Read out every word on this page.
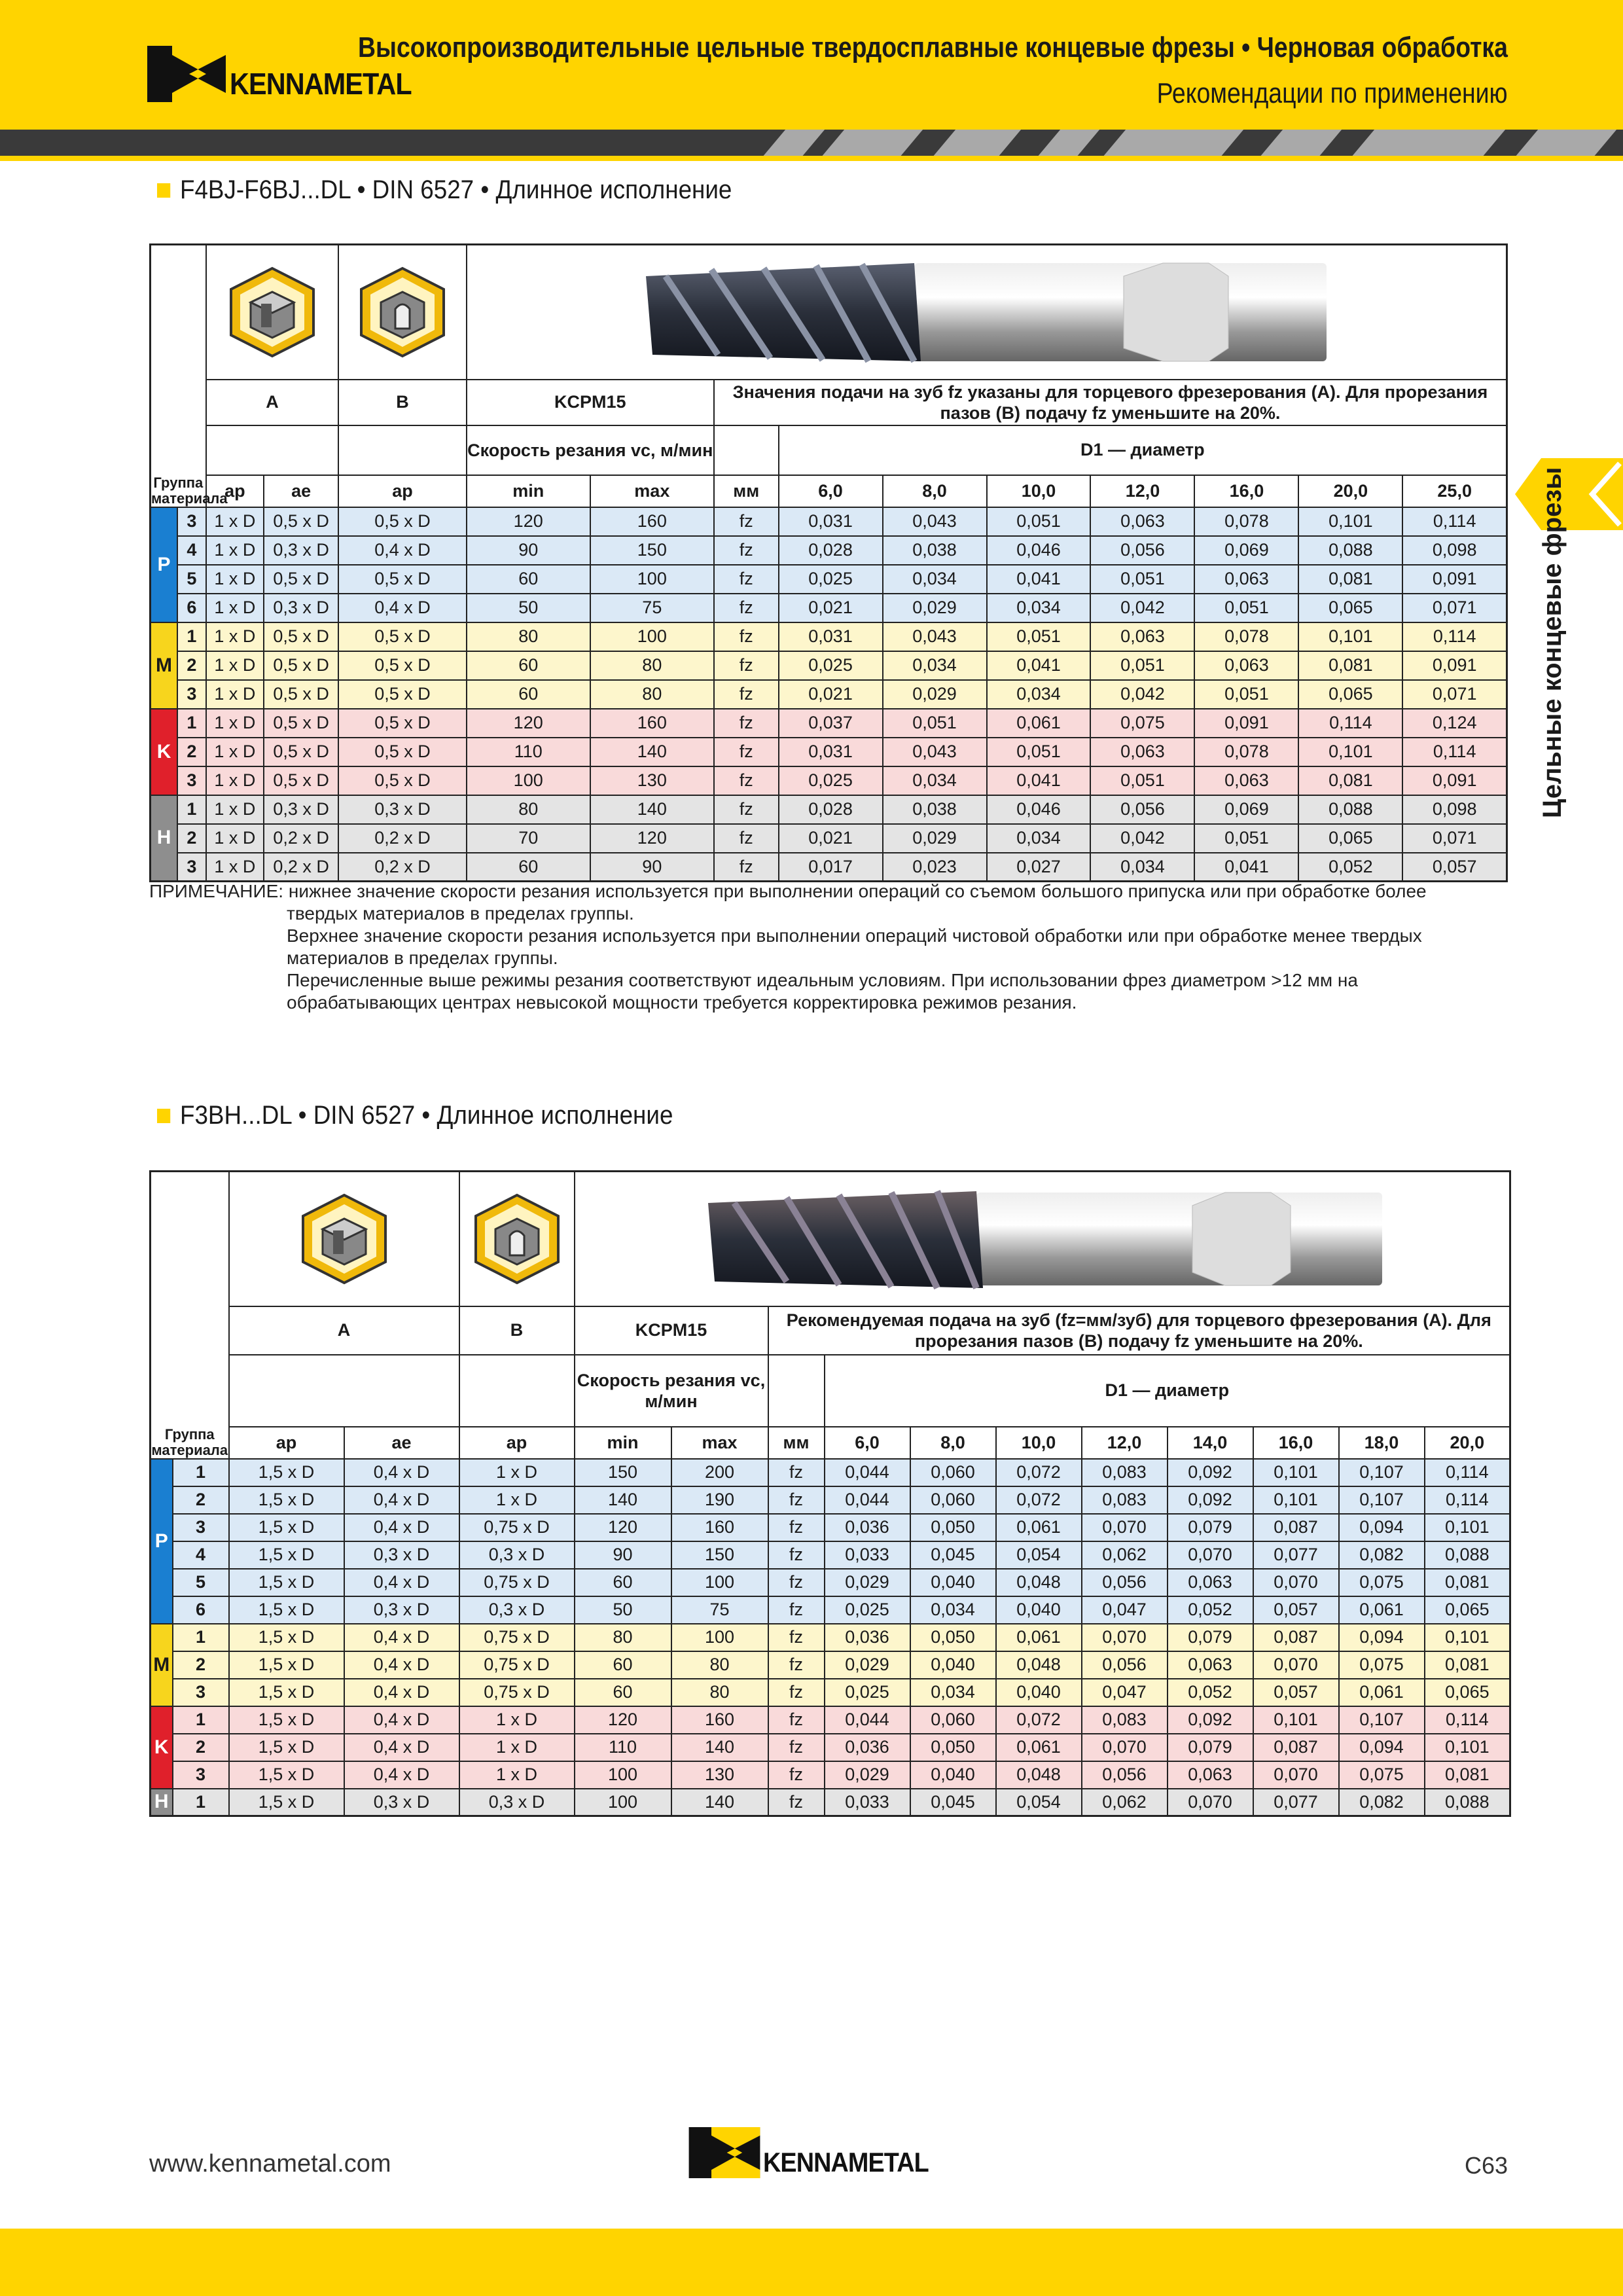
KENNAMETAL
Высокопроизводительные цельные твердосплавные концевые фрезы • Черновая обработка
Рекомендации по применению
Цельные концевые фрезы
F4BJ-F6BJ...DL • DIN 6527 • Длинное исполнение

		A		B	KCPM15		Значения подачи на зуб fz указаны для торцевого фрезерования (А). Для прорезания пазов (В) подачу fz уменьшите на 20%.							
					Скорость резания vc, м/мин			D1 — диаметр						
Группа материала		ap	ae	ap	min	max	мм	6,0	8,0	10,0	12,0	16,0	20,0	25,0
P	3	1 x D	0,5 x D	0,5 x D	120	160	fz	0,031	0,043	0,051	0,063	0,078	0,101	0,114
	4	1 x D	0,3 x D	0,4 x D	90	150	fz	0,028	0,038	0,046	0,056	0,069	0,088	0,098
	5	1 x D	0,5 x D	0,5 x D	60	100	fz	0,025	0,034	0,041	0,051	0,063	0,081	0,091
	6	1 x D	0,3 x D	0,4 x D	50	75	fz	0,021	0,029	0,034	0,042	0,051	0,065	0,071
M	1	1 x D	0,5 x D	0,5 x D	80	100	fz	0,031	0,043	0,051	0,063	0,078	0,101	0,114
	2	1 x D	0,5 x D	0,5 x D	60	80	fz	0,025	0,034	0,041	0,051	0,063	0,081	0,091
	3	1 x D	0,5 x D	0,5 x D	60	80	fz	0,021	0,029	0,034	0,042	0,051	0,065	0,071
K	1	1 x D	0,5 x D	0,5 x D	120	160	fz	0,037	0,051	0,061	0,075	0,091	0,114	0,124
	2	1 x D	0,5 x D	0,5 x D	110	140	fz	0,031	0,043	0,051	0,063	0,078	0,101	0,114
	3	1 x D	0,5 x D	0,5 x D	100	130	fz	0,025	0,034	0,041	0,051	0,063	0,081	0,091
H	1	1 x D	0,3 x D	0,3 x D	80	140	fz	0,028	0,038	0,046	0,056	0,069	0,088	0,098
	2	1 x D	0,2 x D	0,2 x D	70	120	fz	0,021	0,029	0,034	0,042	0,051	0,065	0,071
	3	1 x D	0,2 x D	0,2 x D	60	90	fz	0,017	0,023	0,027	0,034	0,041	0,052	0,057
ПРИМЕЧАНИЕ: нижнее значение скорости резания используется при выполнении операций со съемом большого припуска или при обработке более
твердых материалов в пределах группы.
Верхнее значение скорости резания используется при выполнении операций чистовой обработки или при обработке менее твердых
материалов в пределах группы.
Перечисленные выше режимы резания соответствуют идеальным условиям. При использовании фрез диаметром >12 мм на
обрабатывающих центрах невысокой мощности требуется корректировка режимов резания.
F3BH...DL • DIN 6527 • Длинное исполнение

		A		B	KCPM15		Рекомендуемая подача на зуб (fz=мм/зуб) для торцевого фрезерования (А). Для прорезания пазов (В) подачу fz уменьшите на 20%.								
					Скорость резания vc, м/мин			D1 — диаметр							
Группа материала		ap	ae	ap	min	max	мм	6,0	8,0	10,0	12,0	14,0	16,0	18,0	20,0
P	1	1,5 x D	0,4 x D	1 x D	150	200	fz	0,044	0,060	0,072	0,083	0,092	0,101	0,107	0,114
	2	1,5 x D	0,4 x D	1 x D	140	190	fz	0,044	0,060	0,072	0,083	0,092	0,101	0,107	0,114
	3	1,5 x D	0,4 x D	0,75 x D	120	160	fz	0,036	0,050	0,061	0,070	0,079	0,087	0,094	0,101
	4	1,5 x D	0,3 x D	0,3 x D	90	150	fz	0,033	0,045	0,054	0,062	0,070	0,077	0,082	0,088
	5	1,5 x D	0,4 x D	0,75 x D	60	100	fz	0,029	0,040	0,048	0,056	0,063	0,070	0,075	0,081
	6	1,5 x D	0,3 x D	0,3 x D	50	75	fz	0,025	0,034	0,040	0,047	0,052	0,057	0,061	0,065
M	1	1,5 x D	0,4 x D	0,75 x D	80	100	fz	0,036	0,050	0,061	0,070	0,079	0,087	0,094	0,101
	2	1,5 x D	0,4 x D	0,75 x D	60	80	fz	0,029	0,040	0,048	0,056	0,063	0,070	0,075	0,081
	3	1,5 x D	0,4 x D	0,75 x D	60	80	fz	0,025	0,034	0,040	0,047	0,052	0,057	0,061	0,065
K	1	1,5 x D	0,4 x D	1 x D	120	160	fz	0,044	0,060	0,072	0,083	0,092	0,101	0,107	0,114
	2	1,5 x D	0,4 x D	1 x D	110	140	fz	0,036	0,050	0,061	0,070	0,079	0,087	0,094	0,101
	3	1,5 x D	0,4 x D	1 x D	100	130	fz	0,029	0,040	0,048	0,056	0,063	0,070	0,075	0,081
H	1	1,5 x D	0,3 x D	0,3 x D	100	140	fz	0,033	0,045	0,054	0,062	0,070	0,077	0,082	0,088
www.kennametal.com	KENNAMETAL	C63
